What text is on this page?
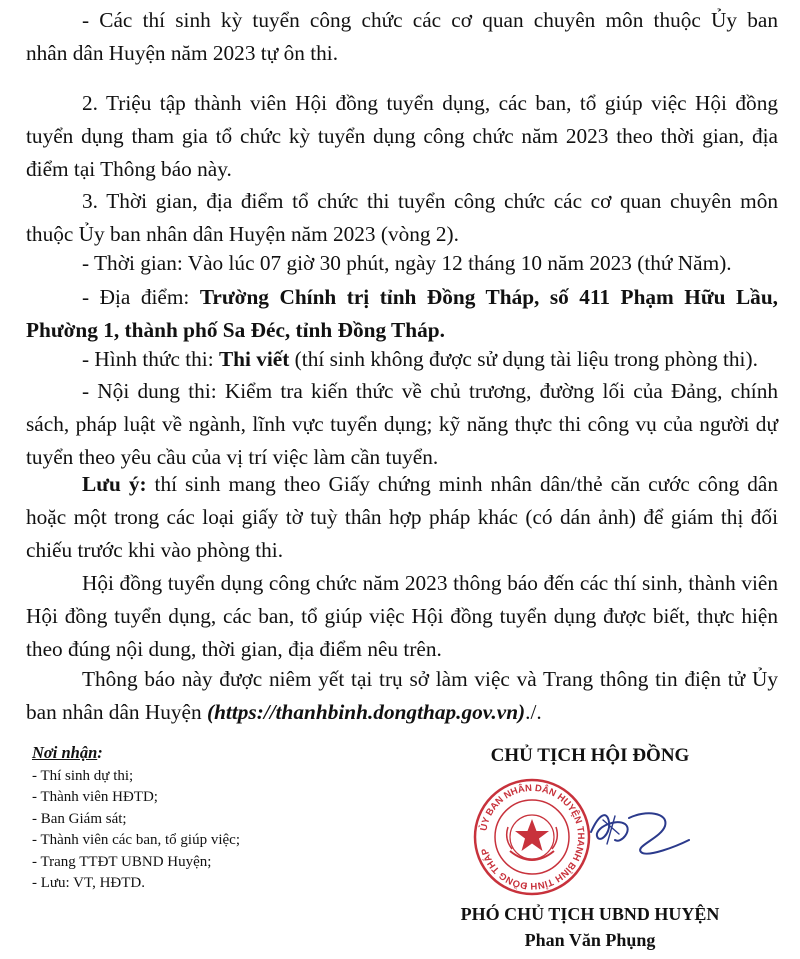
- Các thí sinh kỳ tuyển công chức các cơ quan chuyên môn thuộc Ủy ban

nhân dân Huyện năm 2023 tự ôn thi.

2. Triệu tập thành viên Hội đồng tuyển dụng, các ban, tổ giúp việc Hội đồng tuyển dụng tham gia tổ chức kỳ tuyển dụng công chức năm 2023 theo thời gian, địa điểm tại Thông báo này.

3. Thời gian, địa điểm tổ chức thi tuyển công chức các cơ quan chuyên môn thuộc Ủy ban nhân dân Huyện năm 2023 (vòng 2).

- Thời gian: Vào lúc 07 giờ 30 phút, ngày 12 tháng 10 năm 2023 (thứ Năm).

- Địa điểm: Trường Chính trị tỉnh Đồng Tháp, số 411 Phạm Hữu Lầu, Phường 1, thành phố Sa Đéc, tỉnh Đồng Tháp.

- Hình thức thi: Thi viết (thí sinh không được sử dụng tài liệu trong phòng thi).

- Nội dung thi: Kiểm tra kiến thức về chủ trương, đường lối của Đảng, chính sách, pháp luật về ngành, lĩnh vực tuyển dụng; kỹ năng thực thi công vụ của người dự tuyển theo yêu cầu của vị trí việc làm cần tuyển.

Lưu ý: thí sinh mang theo Giấy chứng minh nhân dân/thẻ căn cước công dân hoặc một trong các loại giấy tờ tuỳ thân hợp pháp khác (có dán ảnh) để giám thị đối chiếu trước khi vào phòng thi.

Hội đồng tuyển dụng công chức năm 2023 thông báo đến các thí sinh, thành viên Hội đồng tuyển dụng, các ban, tổ giúp việc Hội đồng tuyển dụng được biết, thực hiện theo đúng nội dung, thời gian, địa điểm nêu trên.

Thông báo này được niêm yết tại trụ sở làm việc và Trang thông tin điện tử Ủy ban nhân dân Huyện (https://thanhbinh.dongthap.gov.vn)./.

Nơi nhận:
- Thí sinh dự thi;
- Thành viên HĐTD;
- Ban Giám sát;
- Thành viên các ban, tổ giúp việc;
- Trang TTĐT UBND Huyện;
- Lưu: VT, HĐTD.
CHỦ TỊCH HỘI ĐỒNG
ỦY BAN NHÂN DÂN HUYỆN THANH BÌNH TỈNH ĐỒNG THÁP
PHÓ CHỦ TỊCH UBND HUYỆN
Phan Văn Phụng
